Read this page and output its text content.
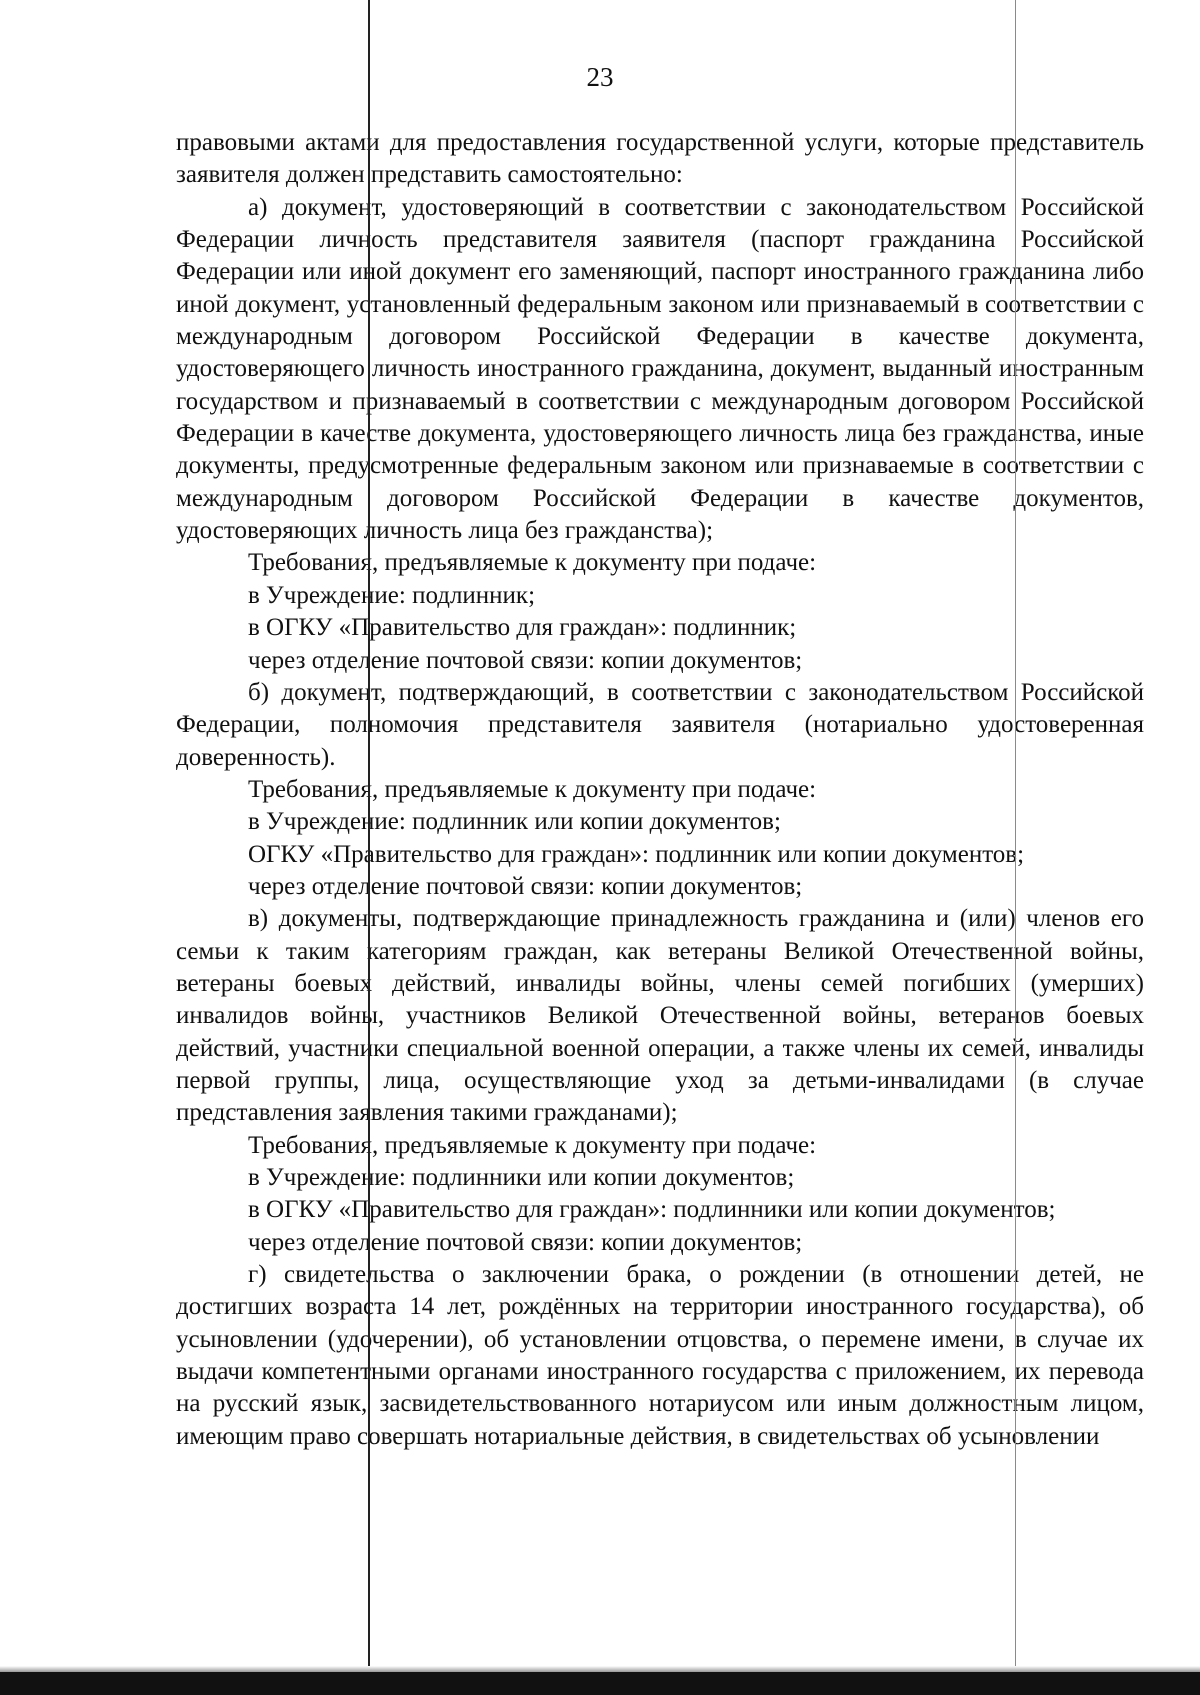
23

правовыми актами для предоставления государственной услуги, которые представитель заявителя должен представить самостоятельно:

а) документ, удостоверяющий в соответствии с законодательством Российской Федерации личность представителя заявителя (паспорт гражданина Российской Федерации или иной документ его заменяющий, паспорт иностранного гражданина либо иной документ, установленный федеральным законом или признаваемый в соответствии с международным договором Российской Федерации в качестве документа, удостоверяющего личность иностранного гражданина, документ, выданный иностранным государством и признаваемый в соответствии с международным договором Российской Федерации в качестве документа, удостоверяющего личность лица без гражданства, иные документы, предусмотренные федеральным законом или признаваемые в соответствии с международным договором Российской Федерации в качестве документов, удостоверяющих личность лица без гражданства);

Требования, предъявляемые к документу при подаче:

в Учреждение: подлинник;

в ОГКУ «Правительство для граждан»: подлинник;

через отделение почтовой связи: копии документов;

б) документ, подтверждающий, в соответствии с законодательством Российской Федерации, полномочия представителя заявителя (нотариально удостоверенная доверенность).

Требования, предъявляемые к документу при подаче:

в Учреждение: подлинник или копии документов;

ОГКУ «Правительство для граждан»: подлинник или копии документов;

через отделение почтовой связи: копии документов;

в) документы, подтверждающие принадлежность гражданина и (или) членов его семьи к таким категориям граждан, как ветераны Великой Отечественной войны, ветераны боевых действий, инвалиды войны, члены семей погибших (умерших) инвалидов войны, участников Великой Отечественной войны, ветеранов боевых действий, участники специальной военной операции, а также члены их семей, инвалиды первой группы, лица, осуществляющие уход за детьми-инвалидами (в случае представления заявления такими гражданами);

Требования, предъявляемые к документу при подаче:

в Учреждение: подлинники или копии документов;

в ОГКУ «Правительство для граждан»: подлинники или копии документов;

через отделение почтовой связи: копии документов;

г) свидетельства о заключении брака, о рождении (в отношении детей, не достигших возраста 14 лет, рождённых на территории иностранного государства), об усыновлении (удочерении), об установлении отцовства, о перемене имени, в случае их выдачи компетентными органами иностранного государства с приложением, их перевода на русский язык, засвидетельствованного нотариусом или иным должностным лицом, имеющим право совершать нотариальные действия, в свидетельствах об усыновлении
